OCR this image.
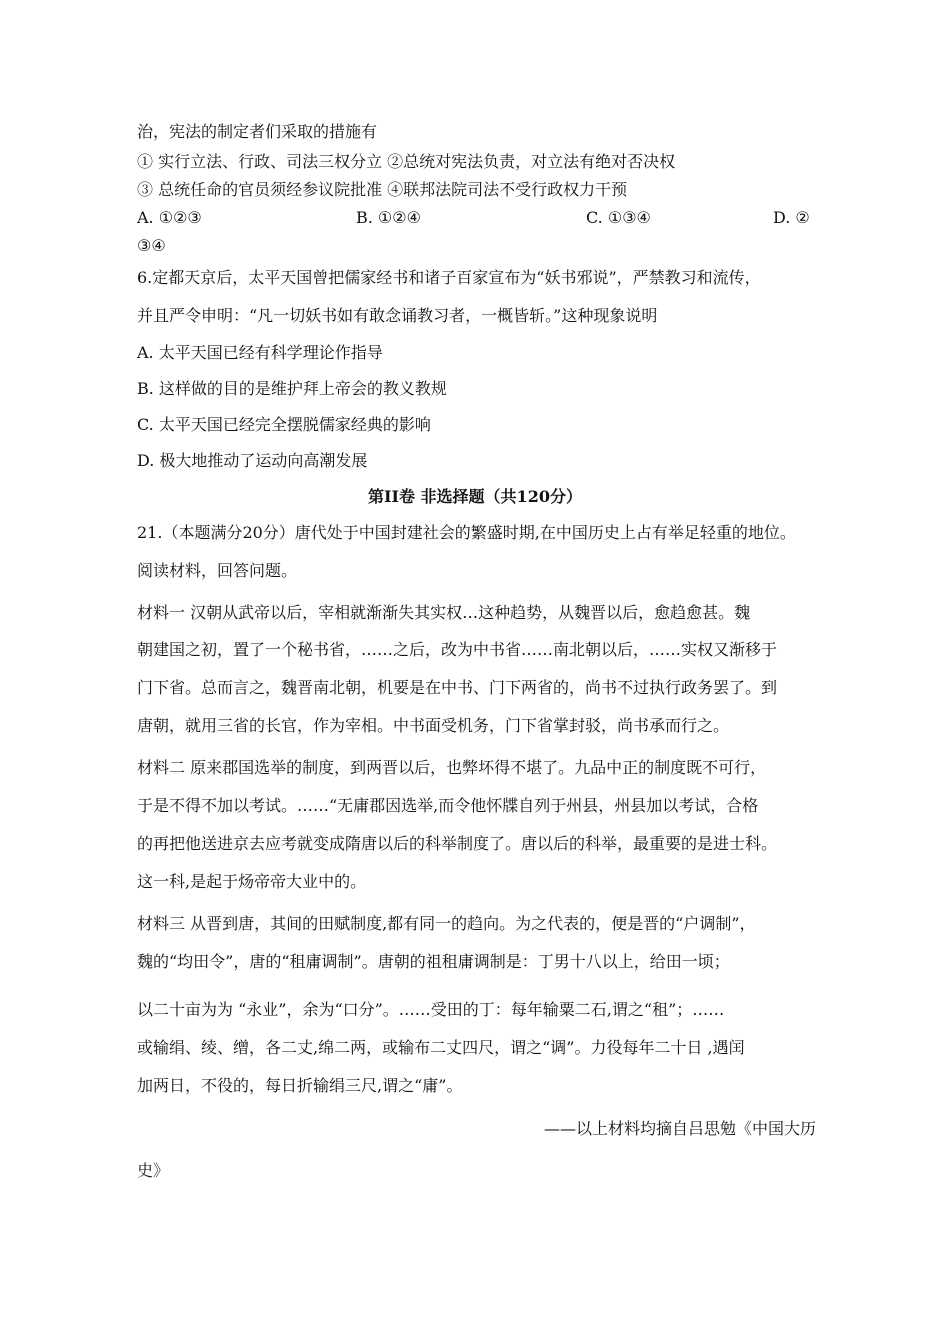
治，宪法的制定者们采取的措施有

① 实行立法、行政、司法三权分立 ②总统对宪法负责，对立法有绝对否决权

③ 总统任命的官员须经参议院批准 ④联邦法院司法不受行政权力干预

A. ①②③	B. ①②④	C. ①③④	D. ②

③④

6.定都天京后，太平天国曾把儒家经书和诸子百家宣布为“妖书邪说”，严禁教习和流传，

并且严令申明：“凡一切妖书如有敢念诵教习者，一概皆斩。”这种现象说明

A. 太平天国已经有科学理论作指导

B. 这样做的目的是维护拜上帝会的教义教规

C. 太平天国已经完全摆脱儒家经典的影响

D. 极大地推动了运动向高潮发展

第II卷 非选择题（共120分）

21.（本题满分20分）唐代处于中国封建社会的繁盛时期,在中国历史上占有举足轻重的地位。

阅读材料，回答问题。

材料一 汉朝从武帝以后，宰相就渐渐失其实权…这种趋势，从魏晋以后，愈趋愈甚。魏

朝建国之初，置了一个秘书省，……之后，改为中书省……南北朝以后，……实权又渐移于

门下省。总而言之，魏晋南北朝，机要是在中书、门下两省的，尚书不过执行政务罢了。到

唐朝，就用三省的长官，作为宰相。中书面受机务，门下省掌封驳，尚书承而行之。

材料二 原来郡国选举的制度，到两晋以后，也弊坏得不堪了。九品中正的制度既不可行，

于是不得不加以考试。……“无庸郡因选举,而令他怀牒自列于州县，州县加以考试，合格

的再把他送进京去应考就变成隋唐以后的科举制度了。唐以后的科举，最重要的是进士科。

这一科,是起于炀帝帝大业中的。

材料三 从晋到唐，其间的田赋制度,都有同一的趋向。为之代表的，便是晋的“户调制”，

魏的“均田令”，唐的“租庸调制”。唐朝的祖租庸调制是：丁男十八以上，给田一顷；

以二十亩为为 “永业”，余为“口分”。……受田的丁：每年输粟二石,谓之“租”；……

或输绢、绫、缯，各二丈,绵二两，或输布二丈四尺，谓之“调”。力役每年二十日 ,遇闰

加两日，不役的，每日折输绢三尺,谓之“庸”。

——以上材料均摘自吕思勉《中国大历

史》
